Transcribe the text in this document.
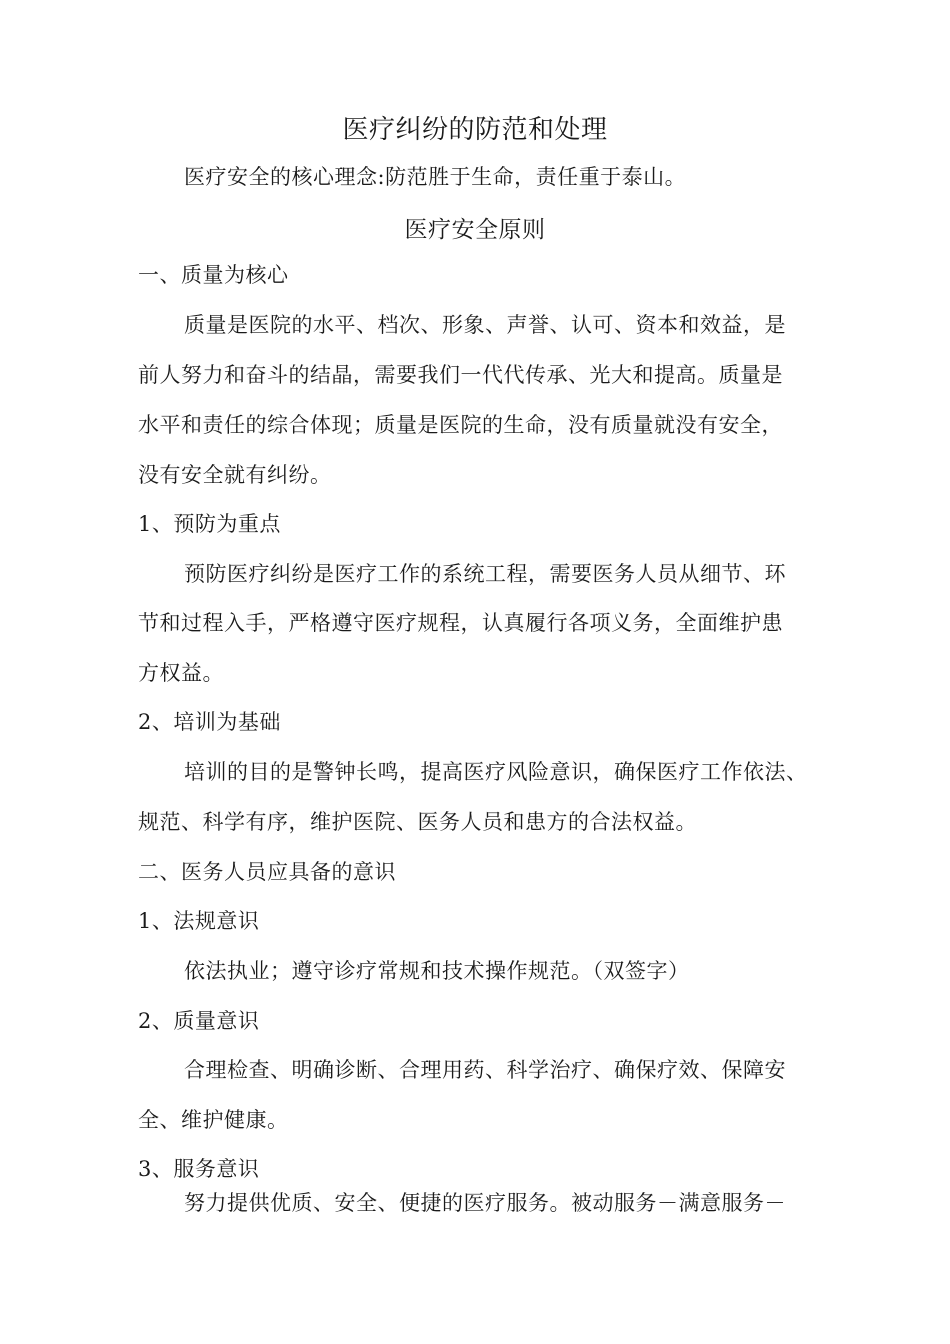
医疗纠纷的防范和处理
医疗安全的核心理念:防范胜于生命，责任重于泰山。
医疗安全原则
一、质量为核心
质量是医院的水平、档次、形象、声誉、认可、资本和效益，是
前人努力和奋斗的结晶，需要我们一代代传承、光大和提高。质量是
水平和责任的综合体现；质量是医院的生命，没有质量就没有安全，
没有安全就有纠纷。
1、预防为重点
预防医疗纠纷是医疗工作的系统工程，需要医务人员从细节、环
节和过程入手，严格遵守医疗规程，认真履行各项义务，全面维护患
方权益。
2、培训为基础
培训的目的是警钟长鸣，提高医疗风险意识，确保医疗工作依法、
规范、科学有序，维护医院、医务人员和患方的合法权益。
二、医务人员应具备的意识
1、法规意识
依法执业；遵守诊疗常规和技术操作规范。（双签字）
2、质量意识
合理检查、明确诊断、合理用药、科学治疗、确保疗效、保障安
全、维护健康。
3、服务意识
努力提供优质、安全、便捷的医疗服务。被动服务－满意服务－
